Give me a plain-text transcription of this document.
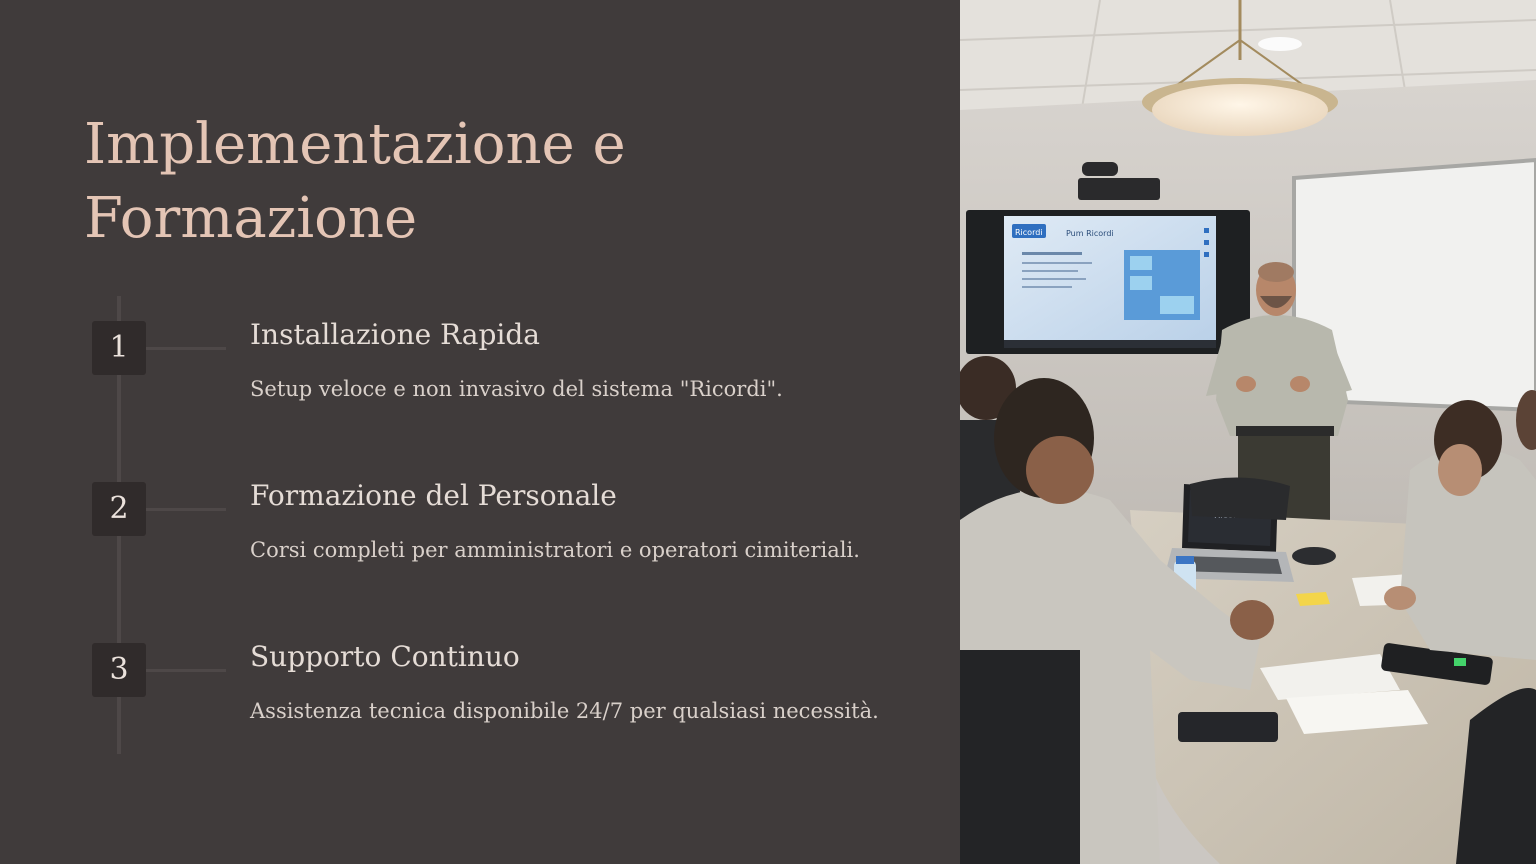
Implementazione e Formazione
1	Installazione Rapida

Setup veloce e non invasivo del sistema "Ricordi".

2	Formazione del Personale

Corsi completi per amministratori e operatori cimiteriali.

3	Supporto Continuo

Assistenza tecnica disponibile 24/7 per qualsiasi necessità.

Ricordi	Pum Ricordi
